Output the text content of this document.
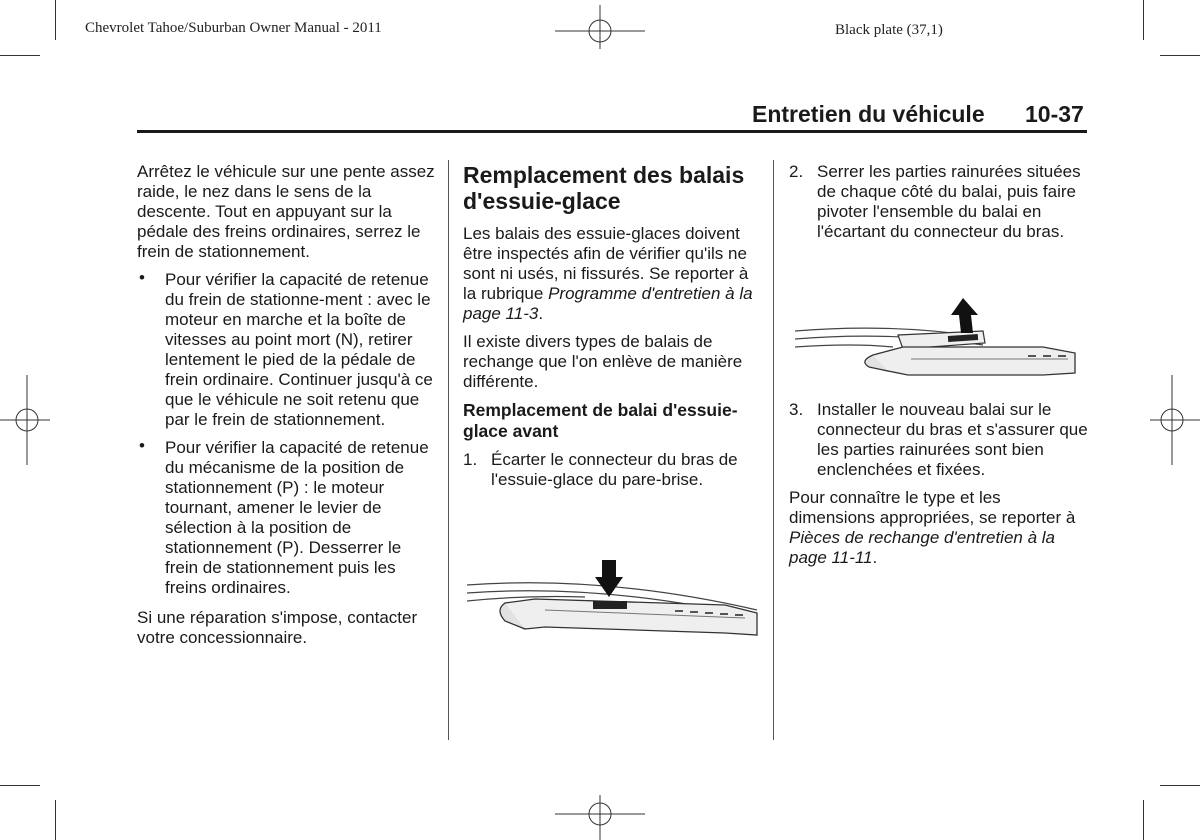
Chevrolet Tahoe/Suburban Owner Manual - 2011	Black plate (37,1)
Entretien du véhicule 10-37

Arrêtez le véhicule sur une pente assez raide, le nez dans le sens de la descente. Tout en appuyant sur la pédale des freins ordinaires, serrez le frein de stationnement.

• Pour vérifier la capacité de retenue du frein de stationne-ment : avec le moteur en marche et la boîte de vitesses au point mort (N), retirer lentement le pied de la pédale de frein ordinaire. Continuer jusqu'à ce que le véhicule ne soit retenu que par le frein de stationnement.
• Pour vérifier la capacité de retenue du mécanisme de la position de stationnement (P) : le moteur tournant, amener le levier de sélection à la position de stationnement (P). Desserrer le frein de stationnement puis les freins ordinaires.

Si une réparation s'impose, contacter votre concessionnaire.

Remplacement des balais d'essuie-glace

Les balais des essuie-glaces doivent être inspectés afin de vérifier qu'ils ne sont ni usés, ni fissurés. Se reporter à la rubrique Programme d'entretien à la page 11-3.

Il existe divers types de balais de rechange que l'on enlève de manière différente.

Remplacement de balai d'essuie-glace avant
1. Écarter le connecteur du bras de l'essuie-glace du pare-brise.
2. Serrer les parties rainurées situées de chaque côté du balai, puis faire pivoter l'ensemble du balai en l'écartant du connecteur du bras.
3. Installer le nouveau balai sur le connecteur du bras et s'assurer que les parties rainurées sont bien enclenchées et fixées.

Pour connaître le type et les dimensions appropriées, se reporter à Pièces de rechange d'entretien à la page 11-11.
